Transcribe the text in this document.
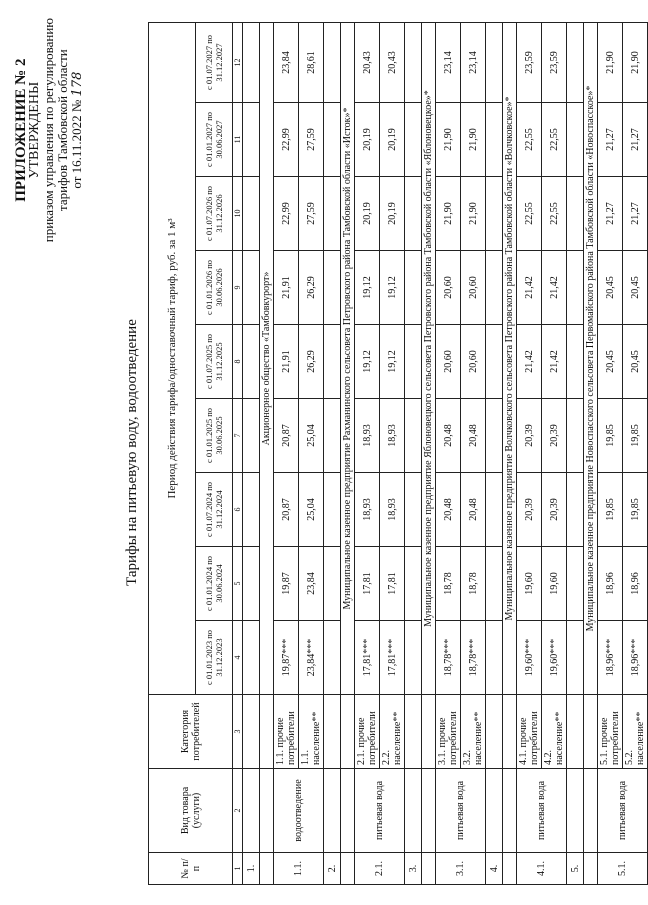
ПРИЛОЖЕНИЕ № 2
УТВЕРЖДЕНЫ приказом управления по регулированию тарифов Тамбовской области от 16.11.2022 № 178
Тарифы на питьевую воду, водоотведение
№ п/п	Вид товара (услуги)	Категория потребителей	Период действия тарифа/одноставочный тариф, руб. за 1 м³								
			с 01.01.2023 по 31.12.2023	с 01.01.2024 по 30.06.2024	с 01.07.2024 по 31.12.2024	с 01.01.2025 по 30.06.2025	с 01.07.2025 по 31.12.2025	с 01.01.2026 по 30.06.2026	с 01.07.2026 по 31.12.2026	с 01.01.2027 по 30.06.2027	с 01.07.2027 по 31.12.2027
1	2	3	4	5	6	7	8	9	10	11	12
1.											
			Акционерное общество «Тамбовкурорт»								
1.1.	водоотведение	1.1. прочие потребители	19,87***	19,87	20,87	20,87	21,91	21,91	22,99	22,99	23,84
		1.1. население**	23,84***	23,84	25,04	25,04	26,29	26,29	27,59	27,59	28,61
2.											
			Муниципальное казенное предприятие Рахманинского сельсовета Петровского района Тамбовской области «Исток»*								
2.1.	питьевая вода	2.1. прочие потребители	17,81***	17,81	18,93	18,93	19,12	19,12	20,19	20,19	20,43
		2.2. население**	17,81***	17,81	18,93	18,93	19,12	19,12	20,19	20,19	20,43
3.											
			Муниципальное казенное предприятие Яблоновецкого сельсовета Петровского района Тамбовской области «Яблоновецкое»*								
3.1.	питьевая вода	3.1. прочие потребители	18,78***	18,78	20,48	20,48	20,60	20,60	21,90	21,90	23,14
		3.2. население**	18,78***	18,78	20,48	20,48	20,60	20,60	21,90	21,90	23,14
4.											
			Муниципальное казенное предприятие Волчковского сельсовета Петровского района Тамбовской области «Волчковское»*								
4.1.	питьевая вода	4.1. прочие потребители	19,60***	19,60	20,39	20,39	21,42	21,42	22,55	22,55	23,59
		4.2. население**	19,60***	19,60	20,39	20,39	21,42	21,42	22,55	22,55	23,59
5.											
			Муниципальное казенное предприятие Новоспасского сельсовета Первомайского района Тамбовской области «Новоспасское»*								
5.1.	питьевая вода	5.1. прочие потребители	18,96***	18,96	19,85	19,85	20,45	20,45	21,27	21,27	21,90
		5.2. население**	18,96***	18,96	19,85	19,85	20,45	20,45	21,27	21,27	21,90
